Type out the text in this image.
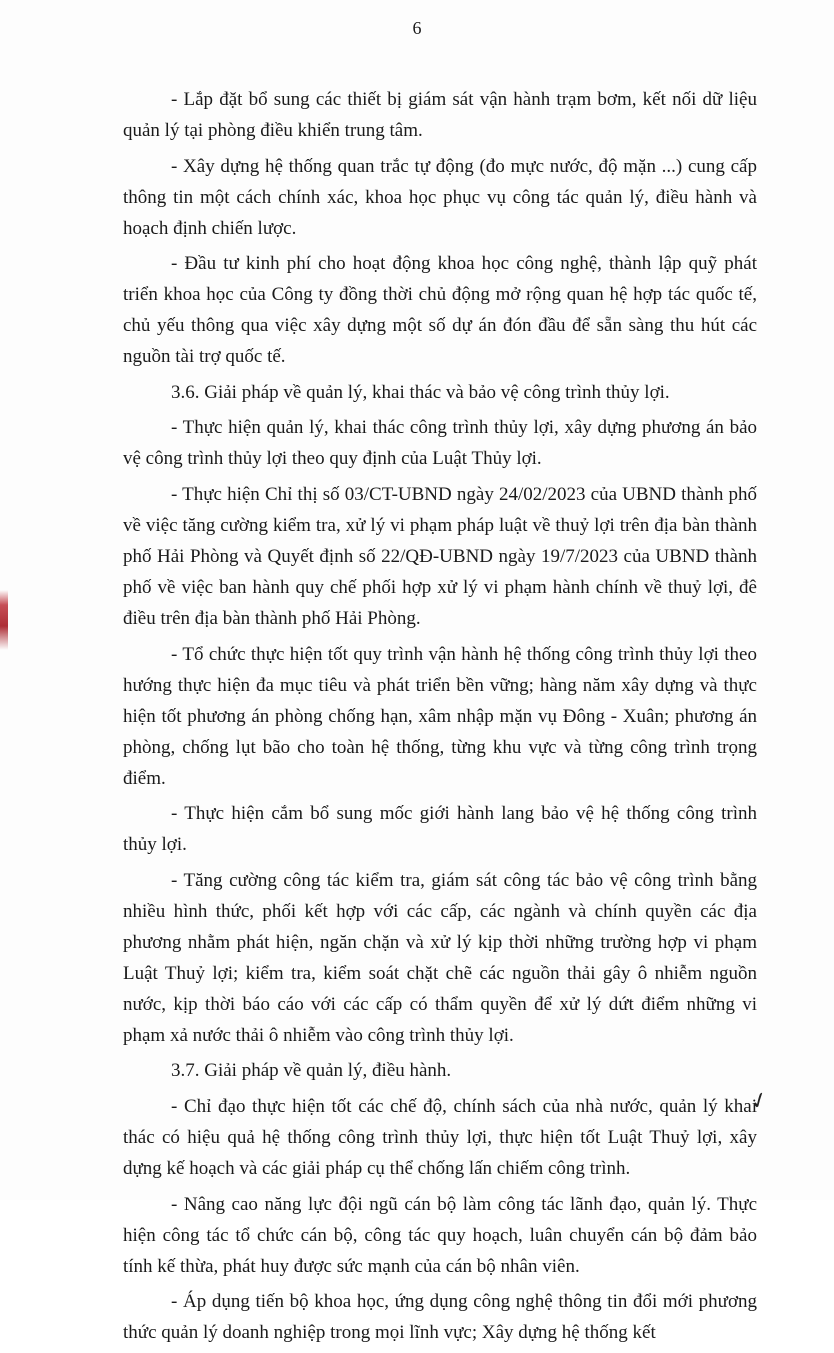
6

- Lắp đặt bổ sung các thiết bị giám sát vận hành trạm bơm, kết nối dữ liệu quản lý tại phòng điều khiển trung tâm.

- Xây dựng hệ thống quan trắc tự động (đo mực nước, độ mặn ...) cung cấp thông tin một cách chính xác, khoa học phục vụ công tác quản lý, điều hành và hoạch định chiến lược.

- Đầu tư kinh phí cho hoạt động khoa học công nghệ, thành lập quỹ phát triển khoa học của Công ty đồng thời chủ động mở rộng quan hệ hợp tác quốc tế, chủ yếu thông qua việc xây dựng một số dự án đón đầu để sẵn sàng thu hút các nguồn tài trợ quốc tế.

3.6. Giải pháp về quản lý, khai thác và bảo vệ công trình thủy lợi.

- Thực hiện quản lý, khai thác công trình thủy lợi, xây dựng phương án bảo vệ công trình thủy lợi theo quy định của Luật Thủy lợi.

- Thực hiện Chỉ thị số 03/CT-UBND ngày 24/02/2023 của UBND thành phố về việc tăng cường kiểm tra, xử lý vi phạm pháp luật về thuỷ lợi trên địa bàn thành phố Hải Phòng và Quyết định số 22/QĐ-UBND ngày 19/7/2023 của UBND thành phố về việc ban hành quy chế phối hợp xử lý vi phạm hành chính về thuỷ lợi, đê điều trên địa bàn thành phố Hải Phòng.

- Tổ chức thực hiện tốt quy trình vận hành hệ thống công trình thủy lợi theo hướng thực hiện đa mục tiêu và phát triển bền vững; hàng năm xây dựng và thực hiện tốt phương án phòng chống hạn, xâm nhập mặn vụ Đông - Xuân; phương án phòng, chống lụt bão cho toàn hệ thống, từng khu vực và từng công trình trọng điểm.

- Thực hiện cắm bổ sung mốc giới hành lang bảo vệ hệ thống công trình thủy lợi.

- Tăng cường công tác kiểm tra, giám sát công tác bảo vệ công trình bằng nhiều hình thức, phối kết hợp với các cấp, các ngành và chính quyền các địa phương nhằm phát hiện, ngăn chặn và xử lý kịp thời những trường hợp vi phạm Luật Thuỷ lợi; kiểm tra, kiểm soát chặt chẽ các nguồn thải gây ô nhiễm nguồn nước, kịp thời báo cáo với các cấp có thẩm quyền để xử lý dứt điểm những vi phạm xả nước thải ô nhiễm vào công trình thủy lợi.

3.7. Giải pháp về quản lý, điều hành.

- Chỉ đạo thực hiện tốt các chế độ, chính sách của nhà nước, quản lý khai thác có hiệu quả hệ thống công trình thủy lợi, thực hiện tốt Luật Thuỷ lợi, xây dựng kế hoạch và các giải pháp cụ thể chống lấn chiếm công trình.

- Nâng cao năng lực đội ngũ cán bộ làm công tác lãnh đạo, quản lý. Thực hiện công tác tổ chức cán bộ, công tác quy hoạch, luân chuyển cán bộ đảm bảo tính kế thừa, phát huy được sức mạnh của cán bộ nhân viên.

- Áp dụng tiến bộ khoa học, ứng dụng công nghệ thông tin đổi mới phương thức quản lý doanh nghiệp trong mọi lĩnh vực; Xây dựng hệ thống kết

✓
